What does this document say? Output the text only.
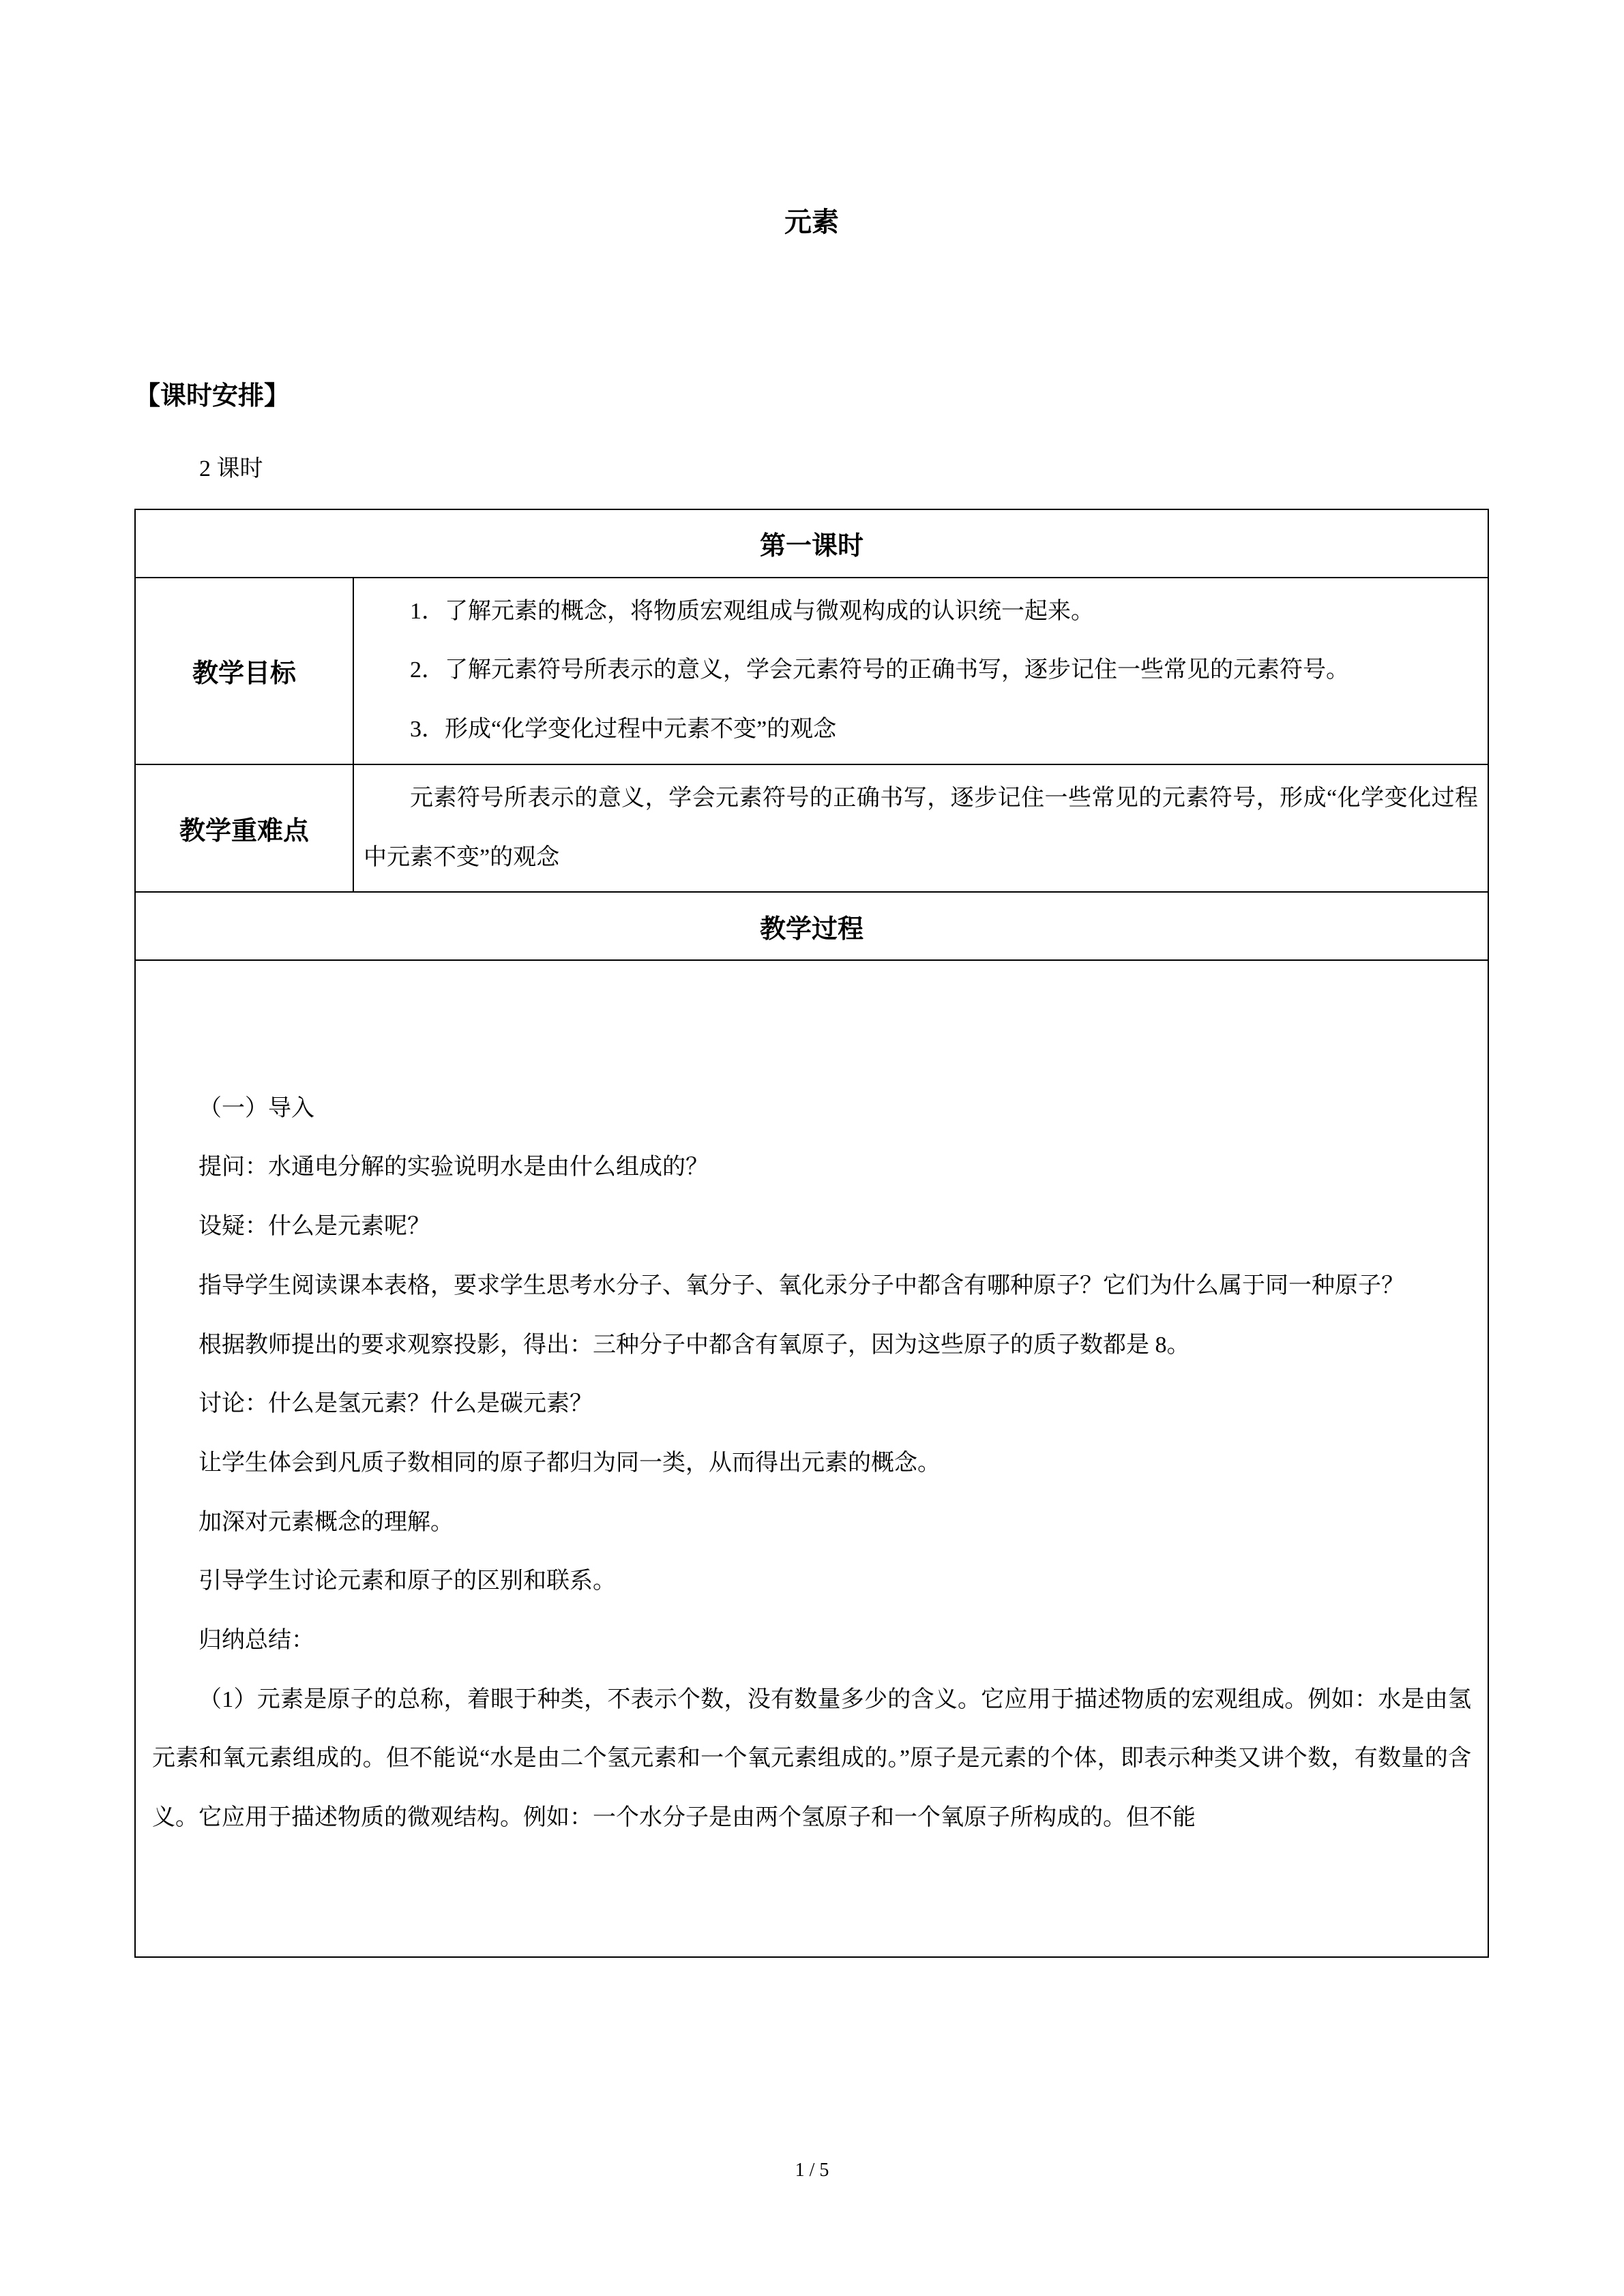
元素
【课时安排】

2 课时

第一课时	
教学目标	1．了解元素的概念，将物质宏观组成与微观构成的认识统一起来。

2．了解元素符号所表示的意义，学会元素符号的正确书写，逐步记住一些常见的元素符号。

3．形成“化学变化过程中元素不变”的观念

教学重难点	元素符号所表示的意义，学会元素符号的正确书写，逐步记住一些常见的元素符号，形成“化学变化过程中元素不变”的观念

教学过程	

（一）导入

提问：水通电分解的实验说明水是由什么组成的？

设疑：什么是元素呢？

指导学生阅读课本表格，要求学生思考水分子、氧分子、氧化汞分子中都含有哪种原子？它们为什么属于同一种原子？

根据教师提出的要求观察投影，得出：三种分子中都含有氧原子，因为这些原子的质子数都是 8。

讨论：什么是氢元素？什么是碳元素？

让学生体会到凡质子数相同的原子都归为同一类，从而得出元素的概念。

加深对元素概念的理解。

引导学生讨论元素和原子的区别和联系。

归纳总结：

（1）元素是原子的总称，着眼于种类，不表示个数，没有数量多少的含义。它应用于描述物质的宏观组成。例如：水是由氢元素和氧元素组成的。但不能说“水是由二个氢元素和一个氧元素组成的。”原子是元素的个体，即表示种类又讲个数，有数量的含义。它应用于描述物质的微观结构。例如：一个水分子是由两个氢原子和一个氧原子所构成的。但不能

1 / 5
